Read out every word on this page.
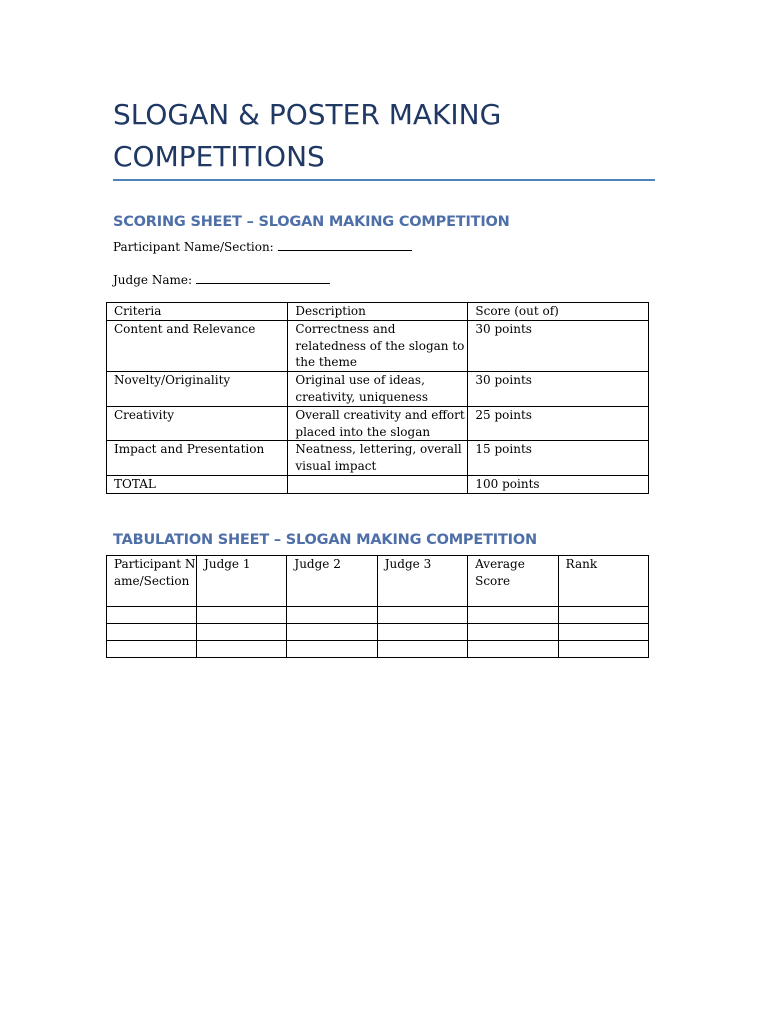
SLOGAN & POSTER MAKING
COMPETITIONS
SCORING SHEET – SLOGAN MAKING COMPETITION
Participant Name/Section:
Judge Name:
Criteria	Description	Score (out of)
Content and Relevance	Correctness and relatedness of the slogan to the theme	30 points
Novelty/Originality	Original use of ideas, creativity, uniqueness	30 points
Creativity	Overall creativity and effort placed into the slogan	25 points
Impact and Presentation	Neatness, lettering, overall visual impact	15 points
TOTAL		100 points
TABULATION SHEET – SLOGAN MAKING COMPETITION
Participant Name/Section	Judge 1	Judge 2	Judge 3	Average Score	Rank
